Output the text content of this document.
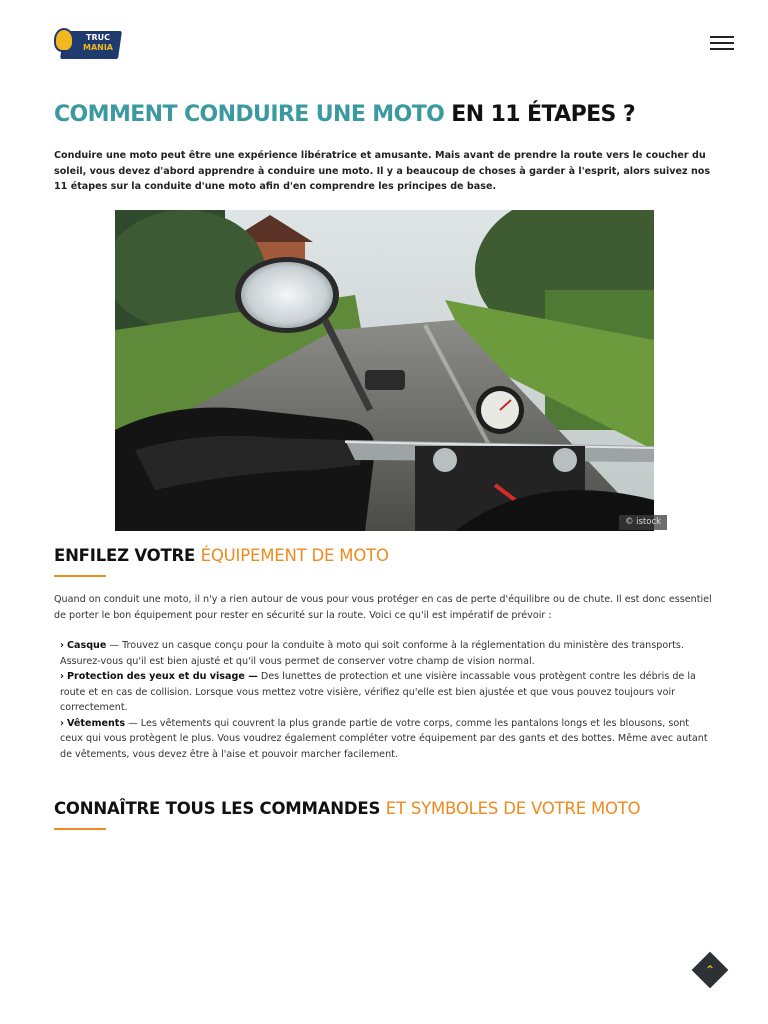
TRUC
MANIA
COMMENT CONDUIRE UNE MOTO EN 11 ÉTAPES ?

Conduire une moto peut être une expérience libératrice et amusante. Mais avant de prendre la route vers le coucher du soleil, vous devez d'abord apprendre à conduire une moto. Il y a beaucoup de choses à garder à l'esprit, alors suivez nos 11 étapes sur la conduite d'une moto afin d'en comprendre les principes de base.

© istock
ENFILEZ VOTRE ÉQUIPEMENT DE MOTO

Quand on conduit une moto, il n'y a rien autour de vous pour vous protéger en cas de perte d'équilibre ou de chute. Il est donc essentiel de porter le bon équipement pour rester en sécurité sur la route. Voici ce qu'il est impératif de prévoir :

› Casque — Trouvez un casque conçu pour la conduite à moto qui soit conforme à la réglementation du ministère des transports. Assurez-vous qu'il est bien ajusté et qu'il vous permet de conserver votre champ de vision normal.
› Protection des yeux et du visage — Des lunettes de protection et une visière incassable vous protègent contre les débris de la route et en cas de collision. Lorsque vous mettez votre visière, vérifiez qu'elle est bien ajustée et que vous pouvez toujours voir correctement.
› Vêtements — Les vêtements qui couvrent la plus grande partie de votre corps, comme les pantalons longs et les blousons, sont ceux qui vous protègent le plus. Vous voudrez également compléter votre équipement par des gants et des bottes. Même avec autant de vêtements, vous devez être à l'aise et pouvoir marcher facilement.
CONNAÎTRE TOUS LES COMMANDES ET SYMBOLES DE VOTRE MOTO
⌃
